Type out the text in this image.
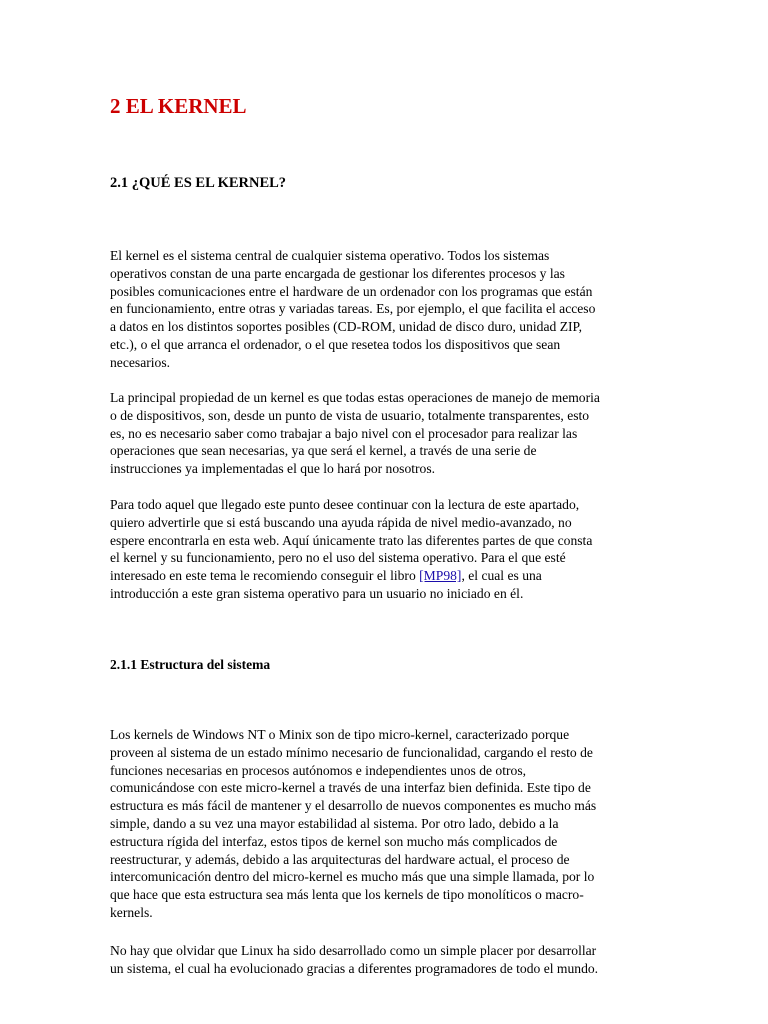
2 EL KERNEL
2.1 ¿QUÉ ES EL KERNEL?

El kernel es el sistema central de cualquier sistema operativo. Todos los sistemas
operativos constan de una parte encargada de gestionar los diferentes procesos y las
posibles comunicaciones entre el hardware de un ordenador con los programas que están
en funcionamiento, entre otras y variadas tareas. Es, por ejemplo, el que facilita el acceso
a datos en los distintos soportes posibles (CD-ROM, unidad de disco duro, unidad ZIP,
etc.), o el que arranca el ordenador, o el que resetea todos los dispositivos que sean
necesarios.

La principal propiedad de un kernel es que todas estas operaciones de manejo de memoria
o de dispositivos, son, desde un punto de vista de usuario, totalmente transparentes, esto
es, no es necesario saber como trabajar a bajo nivel con el procesador para realizar las
operaciones que sean necesarias, ya que será el kernel, a través de una serie de
instrucciones ya implementadas el que lo hará por nosotros.

Para todo aquel que llegado este punto desee continuar con la lectura de este apartado,
quiero advertirle que si está buscando una ayuda rápida de nivel medio-avanzado, no
espere encontrarla en esta web. Aquí únicamente trato las diferentes partes de que consta
el kernel y su funcionamiento, pero no el uso del sistema operativo. Para el que esté
interesado en este tema le recomiendo conseguir el libro [MP98], el cual es una
introducción a este gran sistema operativo para un usuario no iniciado en él.

2.1.1 Estructura del sistema

Los kernels de Windows NT o Minix son de tipo micro-kernel, caracterizado porque
proveen al sistema de un estado mínimo necesario de funcionalidad, cargando el resto de
funciones necesarias en procesos autónomos e independientes unos de otros,
comunicándose con este micro-kernel a través de una interfaz bien definida. Este tipo de
estructura es más fácil de mantener y el desarrollo de nuevos componentes es mucho más
simple, dando a su vez una mayor estabilidad al sistema. Por otro lado, debido a la
estructura rígida del interfaz, estos tipos de kernel son mucho más complicados de
reestructurar, y además, debido a las arquitecturas del hardware actual, el proceso de
intercomunicación dentro del micro-kernel es mucho más que una simple llamada, por lo
que hace que esta estructura sea más lenta que los kernels de tipo monolíticos o macro-
kernels.

No hay que olvidar que Linux ha sido desarrollado como un simple placer por desarrollar
un sistema, el cual ha evolucionado gracias a diferentes programadores de todo el mundo.
